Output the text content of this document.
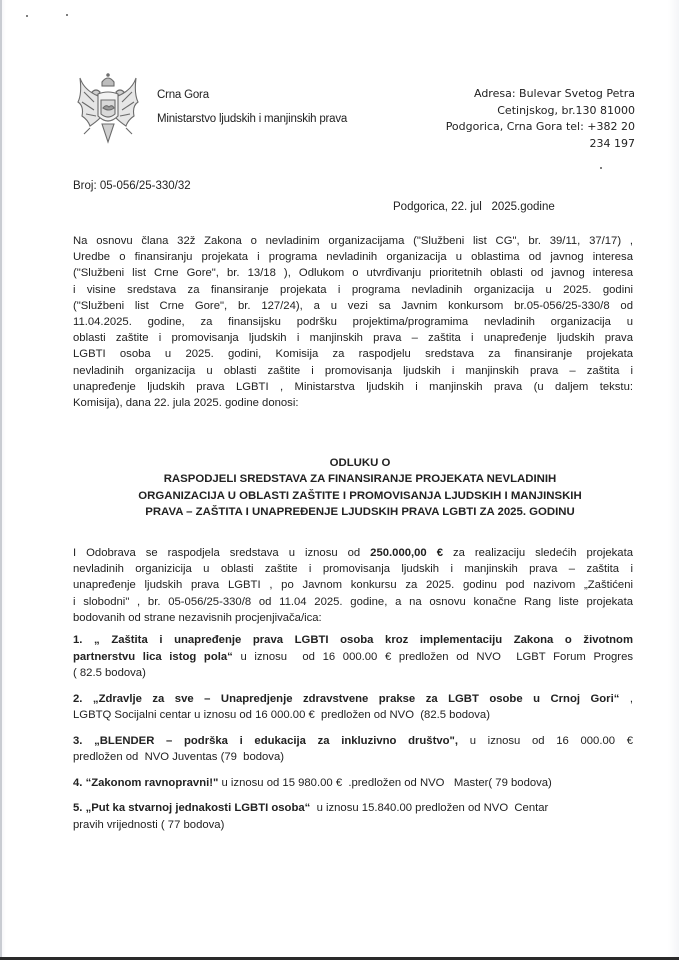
Crna Gora
Ministarstvo ljudskih i manjinskih prava
Adresa: Bulevar Svetog Petra
Cetinjskog, br.130 81000
Podgorica, Crna Gora tel: +382 20
234 197
Broj: 05-056/25-330/32
Podgorica, 22. jul   2025.godine
Na osnovu člana 32ž Zakona o nevladinim organizacijama ("Službeni list CG", br. 39/11, 37/17) ,
Uredbe o finansiranju projekata i programa nevladinih organizacija u oblastima od javnog interesa
("Službeni list Crne Gore", br. 13/18 ), Odlukom o utvrđivanju prioritetnih oblasti od javnog interesa
i visine sredstava za finansiranje projekata i programa nevladinih organizacija u 2025. godini
("Službeni list Crne Gore", br. 127/24), a u vezi sa Javnim konkursom br.05-056/25-330/8 od
11.04.2025. godine, za finansijsku podršku projektima/programima nevladinih organizacija u
oblasti zaštite i promovisanja ljudskih i manjinskih prava – zaštita i unapređenje ljudskih prava
LGBTI osoba u 2025. godini, Komisija za raspodjelu sredstava za finansiranje projekata
nevladinih organizacija u oblasti zaštite i promovisanja ljudskih i manjinskih prava – zaštita i
unapređenje ljudskih prava LGBTI , Ministarstva ljudskih i manjinskih prava (u daljem tekstu:
Komisija), dana 22. jula 2025. godine donosi:
ODLUKU O
RASPODJELI SREDSTAVA ZA FINANSIRANJE PROJEKATA NEVLADINIH
ORGANIZACIJA U OBLASTI ZAŠTITE I PROMOVISANJA LJUDSKIH I MANJINSKIH
PRAVA – ZAŠTITA I UNAPREĐENJE LJUDSKIH PRAVA LGBTI ZA 2025. GODINU
I Odobrava se raspodjela sredstava u iznosu od 250.000,00 € za realizaciju sledećih projekata
nevladinih organizicija u oblasti zaštite i promovisanja ljudskih i manjinskih prava – zaštita i
unapređenje ljudskih prava LGBTI , po Javnom konkursu za 2025. godinu pod nazivom „Zaštićeni
i slobodni" , br. 05-056/25-330/8 od 11.04 2025. godine, a na osnovu konačne Rang liste projekata
bodovanih od strane nezavisnih procjenjivača/ica:
1. „ Zaštita i unapređenje prava LGBTI osoba kroz implementaciju Zakona o životnom
partnerstvu lica istog pola“ u iznosu  od 16 000.00 € predložen od NVO  LGBT Forum Progres
( 82.5 bodova)
2. „Zdravlje za sve – Unapredjenje zdravstvene prakse za LGBT osobe u Crnoj Gori“ ,
LGBTQ Socijalni centar u iznosu od 16 000.00 €  predložen od NVO  (82.5 bodova)
3. „BLENDER – podrška i edukacija za inkluzivno društvo", u iznosu od 16 000.00 €
predložen od  NVO Juventas (79  bodova)
4. “Zakonom ravnopravni!" u iznosu od 15 980.00 €  .predložen od NVO   Master( 79 bodova)
5. „Put ka stvarnoj jednakosti LGBTI osoba“  u iznosu 15.840.00 predložen od NVO  Centar
pravih vrijednosti ( 77 bodova)
